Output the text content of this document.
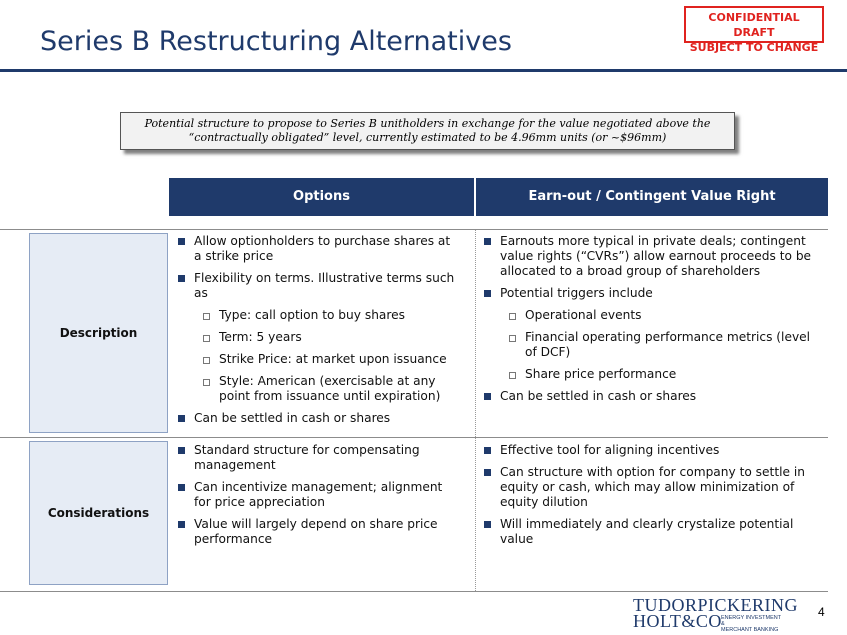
Series B Restructuring Alternatives
CONFIDENTIAL DRAFT
SUBJECT TO CHANGE
Potential structure to propose to Series B unitholders in exchange for the value negotiated above the “contractually obligated” level, currently estimated to be 4.96mm units (or ~$96mm)
Options	Earn-out / Contingent Value Right
Description
Considerations
Allow optionholders to purchase shares at a strike price
Flexibility on terms. Illustrative terms such as
Type: call option to buy shares
Term: 5 years
Strike Price: at market upon issuance
Style: American (exercisable at any point from issuance until expiration)
Can be settled in cash or shares
Earnouts more typical in private deals; contingent value rights (“CVRs”) allow earnout proceeds to be allocated to a broad group of shareholders
Potential triggers include
Operational events
Financial operating performance metrics (level of DCF)
Share price performance
Can be settled in cash or shares
Standard structure for compensating management
Can incentivize management; alignment for price appreciation
Value will largely depend on share price performance
Effective tool for aligning incentives
Can structure with option for company to settle in equity or cash, which may allow minimization of equity dilution
Will immediately and clearly crystalize potential value
TUDORPICKERING
HOLT&CO ENERGY INVESTMENT &
MERCHANT BANKING
4
